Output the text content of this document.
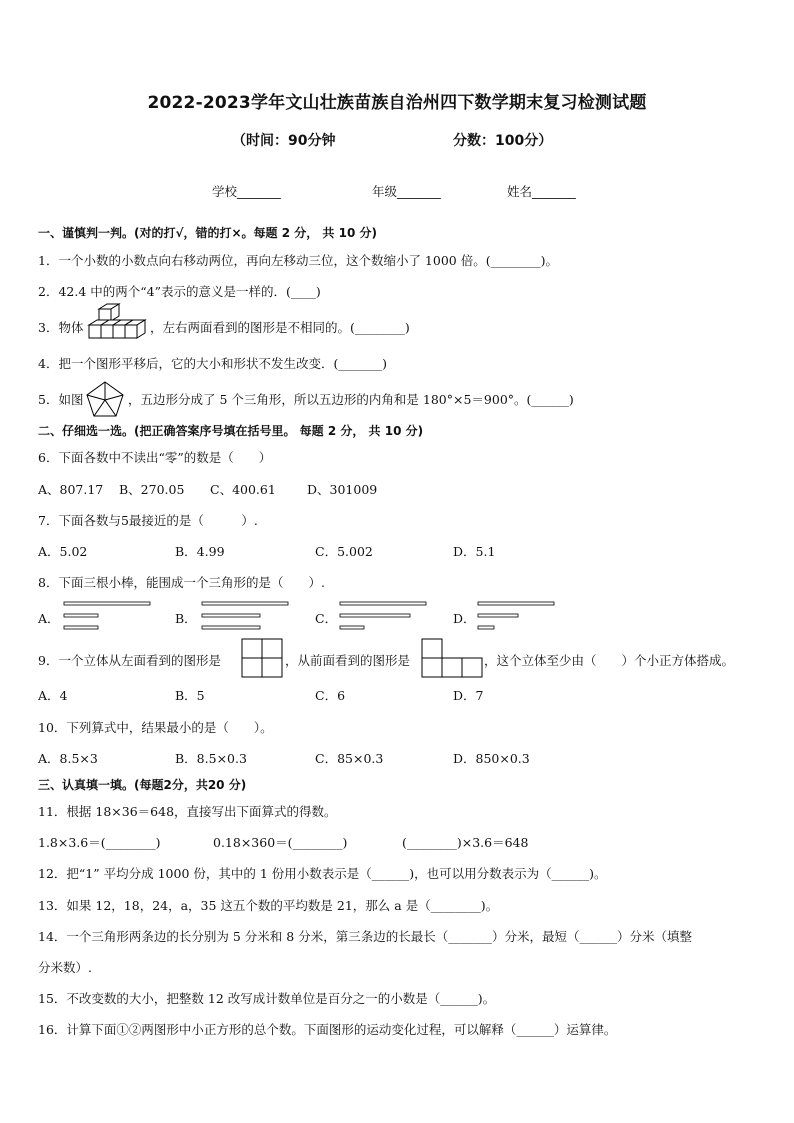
2022-2023学年文山壮族苗族自治州四下数学期末复习检测试题
（时间：90分钟	分数：100分）
学校_______	年级_______	姓名_______
一、谨慎判一判。(对的打√，错的打×。每题 2 分， 共 10 分)
1．一个小数的小数点向右移动两位，再向左移动三位，这个数缩小了 1000 倍。(________)。
2．42.4 中的两个“4”表示的意义是一样的．(____)
3．物体	，左右两面看到的图形是不相同的。(________)
4．把一个图形平移后，它的大小和形状不发生改变．(_______)
5．如图	，五边形分成了 5 个三角形，所以五边形的内角和是 180°×5＝900°。(______)
二、仔细选一选。(把正确答案序号填在括号里。 每题 2 分， 共 10 分)
6．下面各数中不读出“零”的数是（　　）
A、807.17 B、270.05 C、400.61 D、301009
7．下面各数与5最接近的是（　　　）.
A．5.02	B．4.99	C．5.002	D．5.1
8．下面三根小棒，能围成一个三角形的是（　　）.
A．	B．	C．	D．
9．一个立体从左面看到的图形是	，从前面看到的图形是	，这个立体至少由（　　）个小正方体搭成。
A．4	B．5	C．6	D．7
10．下列算式中，结果最小的是（　　）。
A．8.5×3	B．8.5×0.3	C．85×0.3	D．850×0.3
三、认真填一填。(每题2分，共20 分)
11．根据 18×36＝648，直接写出下面算式的得数。
1.8×3.6＝(________)	0.18×360＝(________)	(________)×3.6＝648
12．把“1” 平均分成 1000 份，其中的 1 份用小数表示是（______)，也可以用分数表示为（______)。
13．如果 12，18，24，a，35 这五个数的平均数是 21，那么 a 是（________)。
14．一个三角形两条边的长分别为 5 分米和 8 分米，第三条边的长最长（_______）分米，最短（______）分米（填整
分米数）.
15．不改变数的大小，把整数 12 改写成计数单位是百分之一的小数是（______)。
16．计算下面①②两图形中小正方形的总个数。下面图形的运动变化过程，可以解释（______）运算律。
